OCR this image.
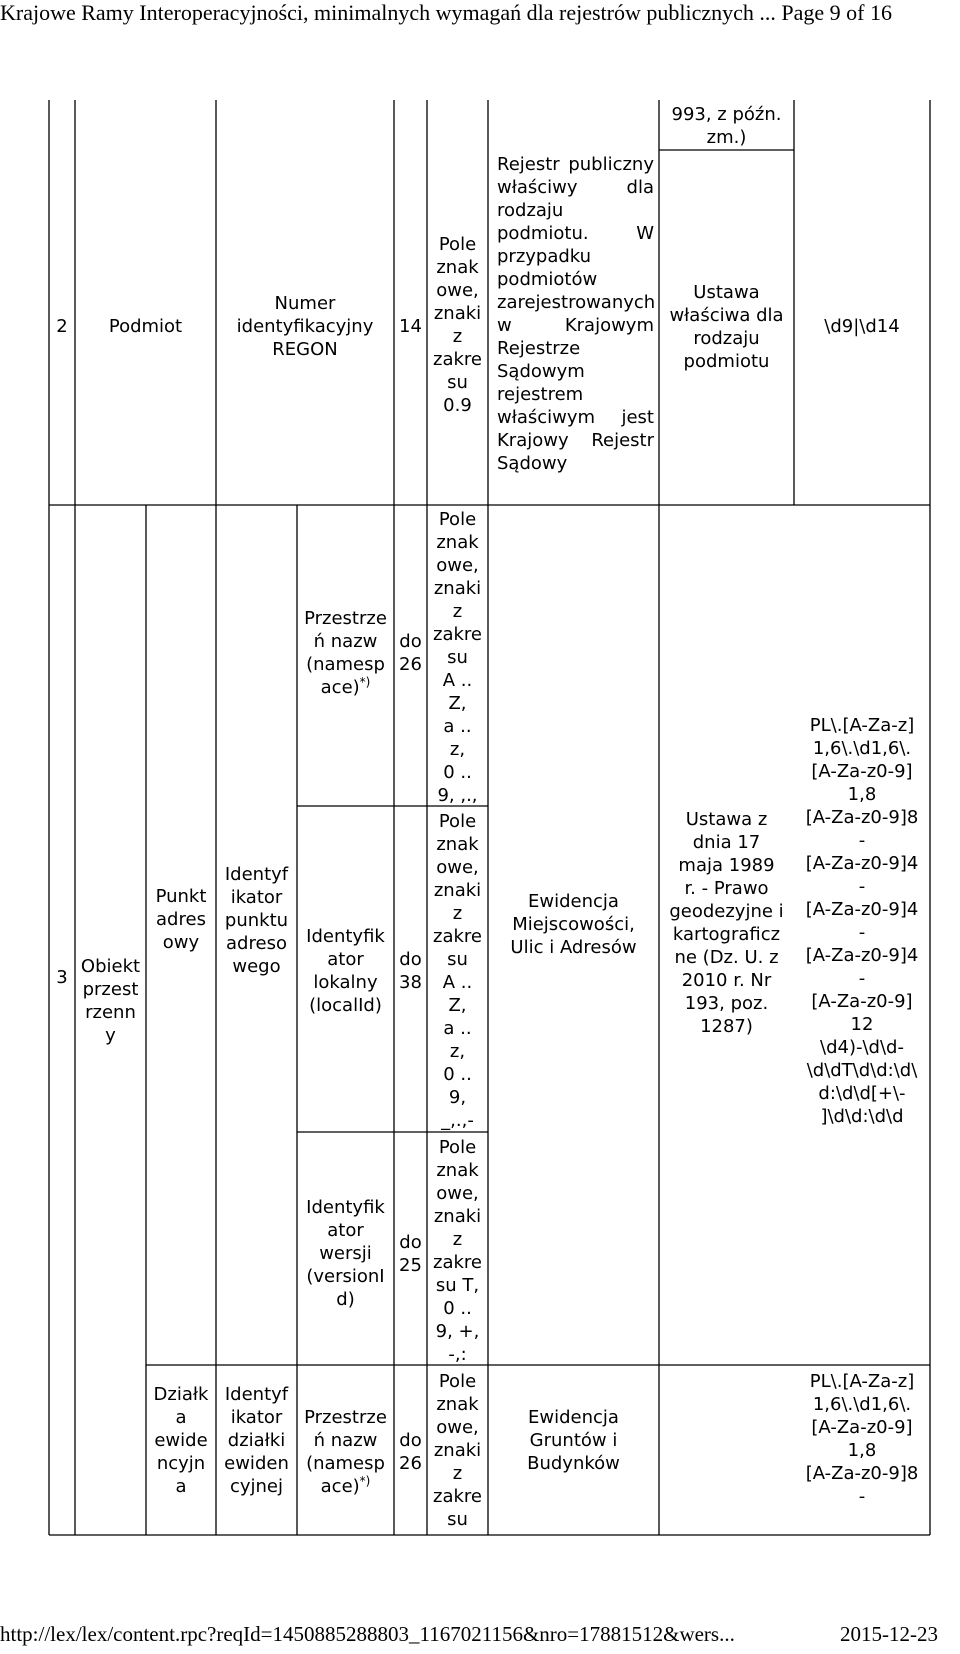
Krajowe Ramy Interoperacyjności, minimalnych wymagań dla rejestrów publicznych ... Page 9 of 16
2	Podmiot
Numer
identyfikacyjny
REGON
14
Pole
znak
owe,
znaki
z
zakre
su
0.9
Rejestr publiczny właściwy dla rodzaju podmiotu. W przypadku podmiotów zarejestrowanych w Krajowym Rejestrze Sądowym rejestrem właściwym jest Krajowy Rejestr Sądowy
993, z późn.
zm.)
Ustawa
właściwa dla
rodzaju
podmiotu
\d9|\d14
3
Obiekt
przest
rzenn
y
Punkt
adres
owy
Identyf
ikator
punktu
adreso
wego
Przestrze
ń nazw
(namesp
ace)*)
do
26
Pole
znak
owe,
znaki
z
zakre
su
A ..
Z,
a ..
z,
0 ..
9, ,.,
Identyfik
ator
lokalny
(localId)
do
38
Pole
znak
owe,
znaki
z
zakre
su
A ..
Z,
a ..
z,
0 ..
9,
_,.,-
Identyfik
ator
wersji
(versionI
d)
do
25
Pole
znak
owe,
znaki
z
zakre
su T,
0 ..
9, +,
-,:
Ewidencja
Miejscowości,
Ulic i Adresów
Ustawa z
dnia 17
maja 1989
r. - Prawo
geodezyjne i
kartograficz
ne (Dz. U. z
2010 r. Nr
193, poz.
1287)
PL\.[A-Za-z]
1,6\.\d1,6\.
[A-Za-z0-9]
1,8
[A-Za-z0-9]8
-
[A-Za-z0-9]4
-
[A-Za-z0-9]4
-
[A-Za-z0-9]4
-
[A-Za-z0-9]
12
\d4)-\d\d-
\d\dT\d\d:\d\
d:\d\d[+\-
]\d\d:\d\d
Działk
a
ewide
ncyjn
a
Identyf
ikator
działki
ewiden
cyjnej
Przestrze
ń nazw
(namesp
ace)*)
do
26
Pole
znak
owe,
znaki
z
zakre
su
Ewidencja
Gruntów i
Budynków
PL\.[A-Za-z]
1,6\.\d1,6\.
[A-Za-z0-9]
1,8
[A-Za-z0-9]8
-
http://lex/lex/content.rpc?reqId=1450885288803_1167021156&nro=17881512&wers...	2015-12-23
